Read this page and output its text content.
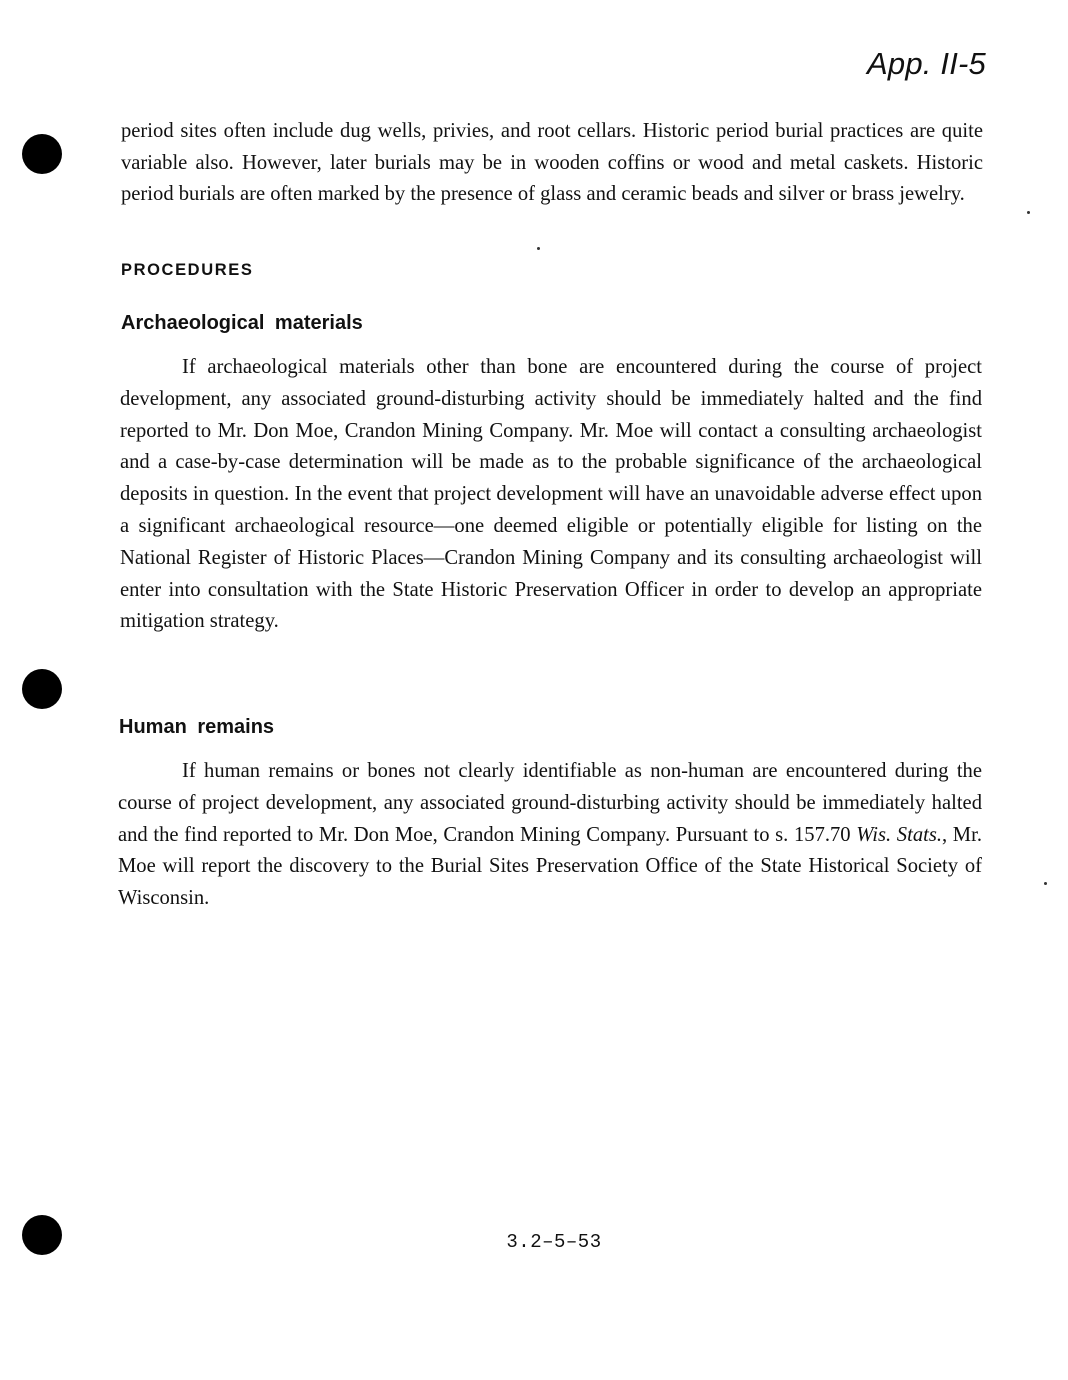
App. II-5

period sites often include dug wells, privies, and root cellars. Historic period burial practices are quite variable also. However, later burials may be in wooden coffins or wood and metal caskets. Historic period burials are often marked by the presence of glass and ceramic beads and silver or brass jewelry.

PROCEDURES
Archaeological materials

If archaeological materials other than bone are encountered during the course of project development, any associated ground-disturbing activity should be immediately halted and the find reported to Mr. Don Moe, Crandon Mining Company. Mr. Moe will contact a consulting archaeologist and a case-by-case determination will be made as to the probable significance of the archaeological deposits in question. In the event that project development will have an unavoidable adverse effect upon a significant archaeological resource—one deemed eligible or potentially eligible for listing on the National Register of Historic Places—Crandon Mining Company and its consulting archaeologist will enter into consultation with the State Historic Preservation Officer in order to develop an appropriate mitigation strategy.

Human remains

If human remains or bones not clearly identifiable as non-human are encountered during the course of project development, any associated ground-disturbing activity should be immediately halted and the find reported to Mr. Don Moe, Crandon Mining Company. Pursuant to s. 157.70 Wis. Stats., Mr. Moe will report the discovery to the Burial Sites Preservation Office of the State Historical Society of Wisconsin.

3.2–5–53
